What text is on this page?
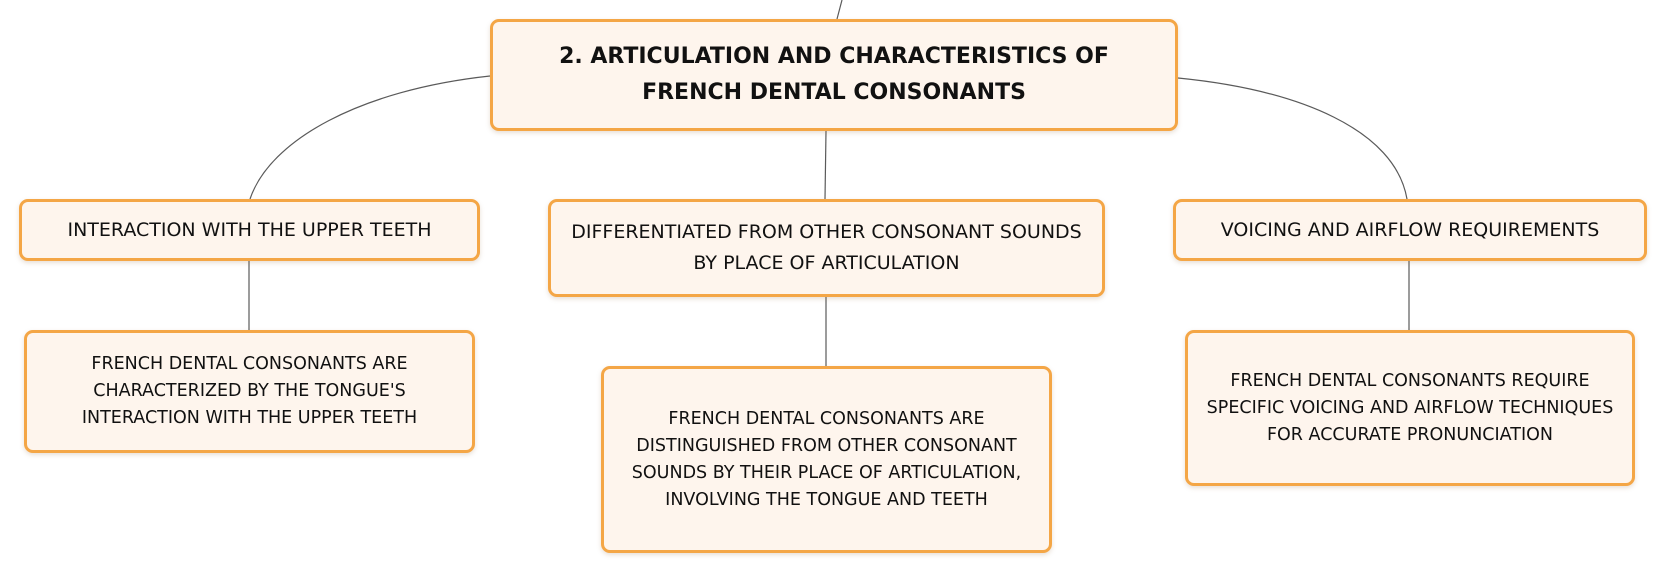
2. ARTICULATION AND CHARACTERISTICS OF FRENCH DENTAL CONSONANTS
INTERACTION WITH THE UPPER TEETH	DIFFERENTIATED FROM OTHER CONSONANT SOUNDS BY PLACE OF ARTICULATION
VOICING AND AIRFLOW REQUIREMENTS
FRENCH DENTAL CONSONANTS ARE CHARACTERIZED BY THE TONGUE'S INTERACTION WITH THE UPPER TEETH	FRENCH DENTAL CONSONANTS ARE DISTINGUISHED FROM OTHER CONSONANT SOUNDS BY THEIR PLACE OF ARTICULATION, INVOLVING THE TONGUE AND TEETH
FRENCH DENTAL CONSONANTS REQUIRE SPECIFIC VOICING AND AIRFLOW TECHNIQUES FOR ACCURATE PRONUNCIATION
